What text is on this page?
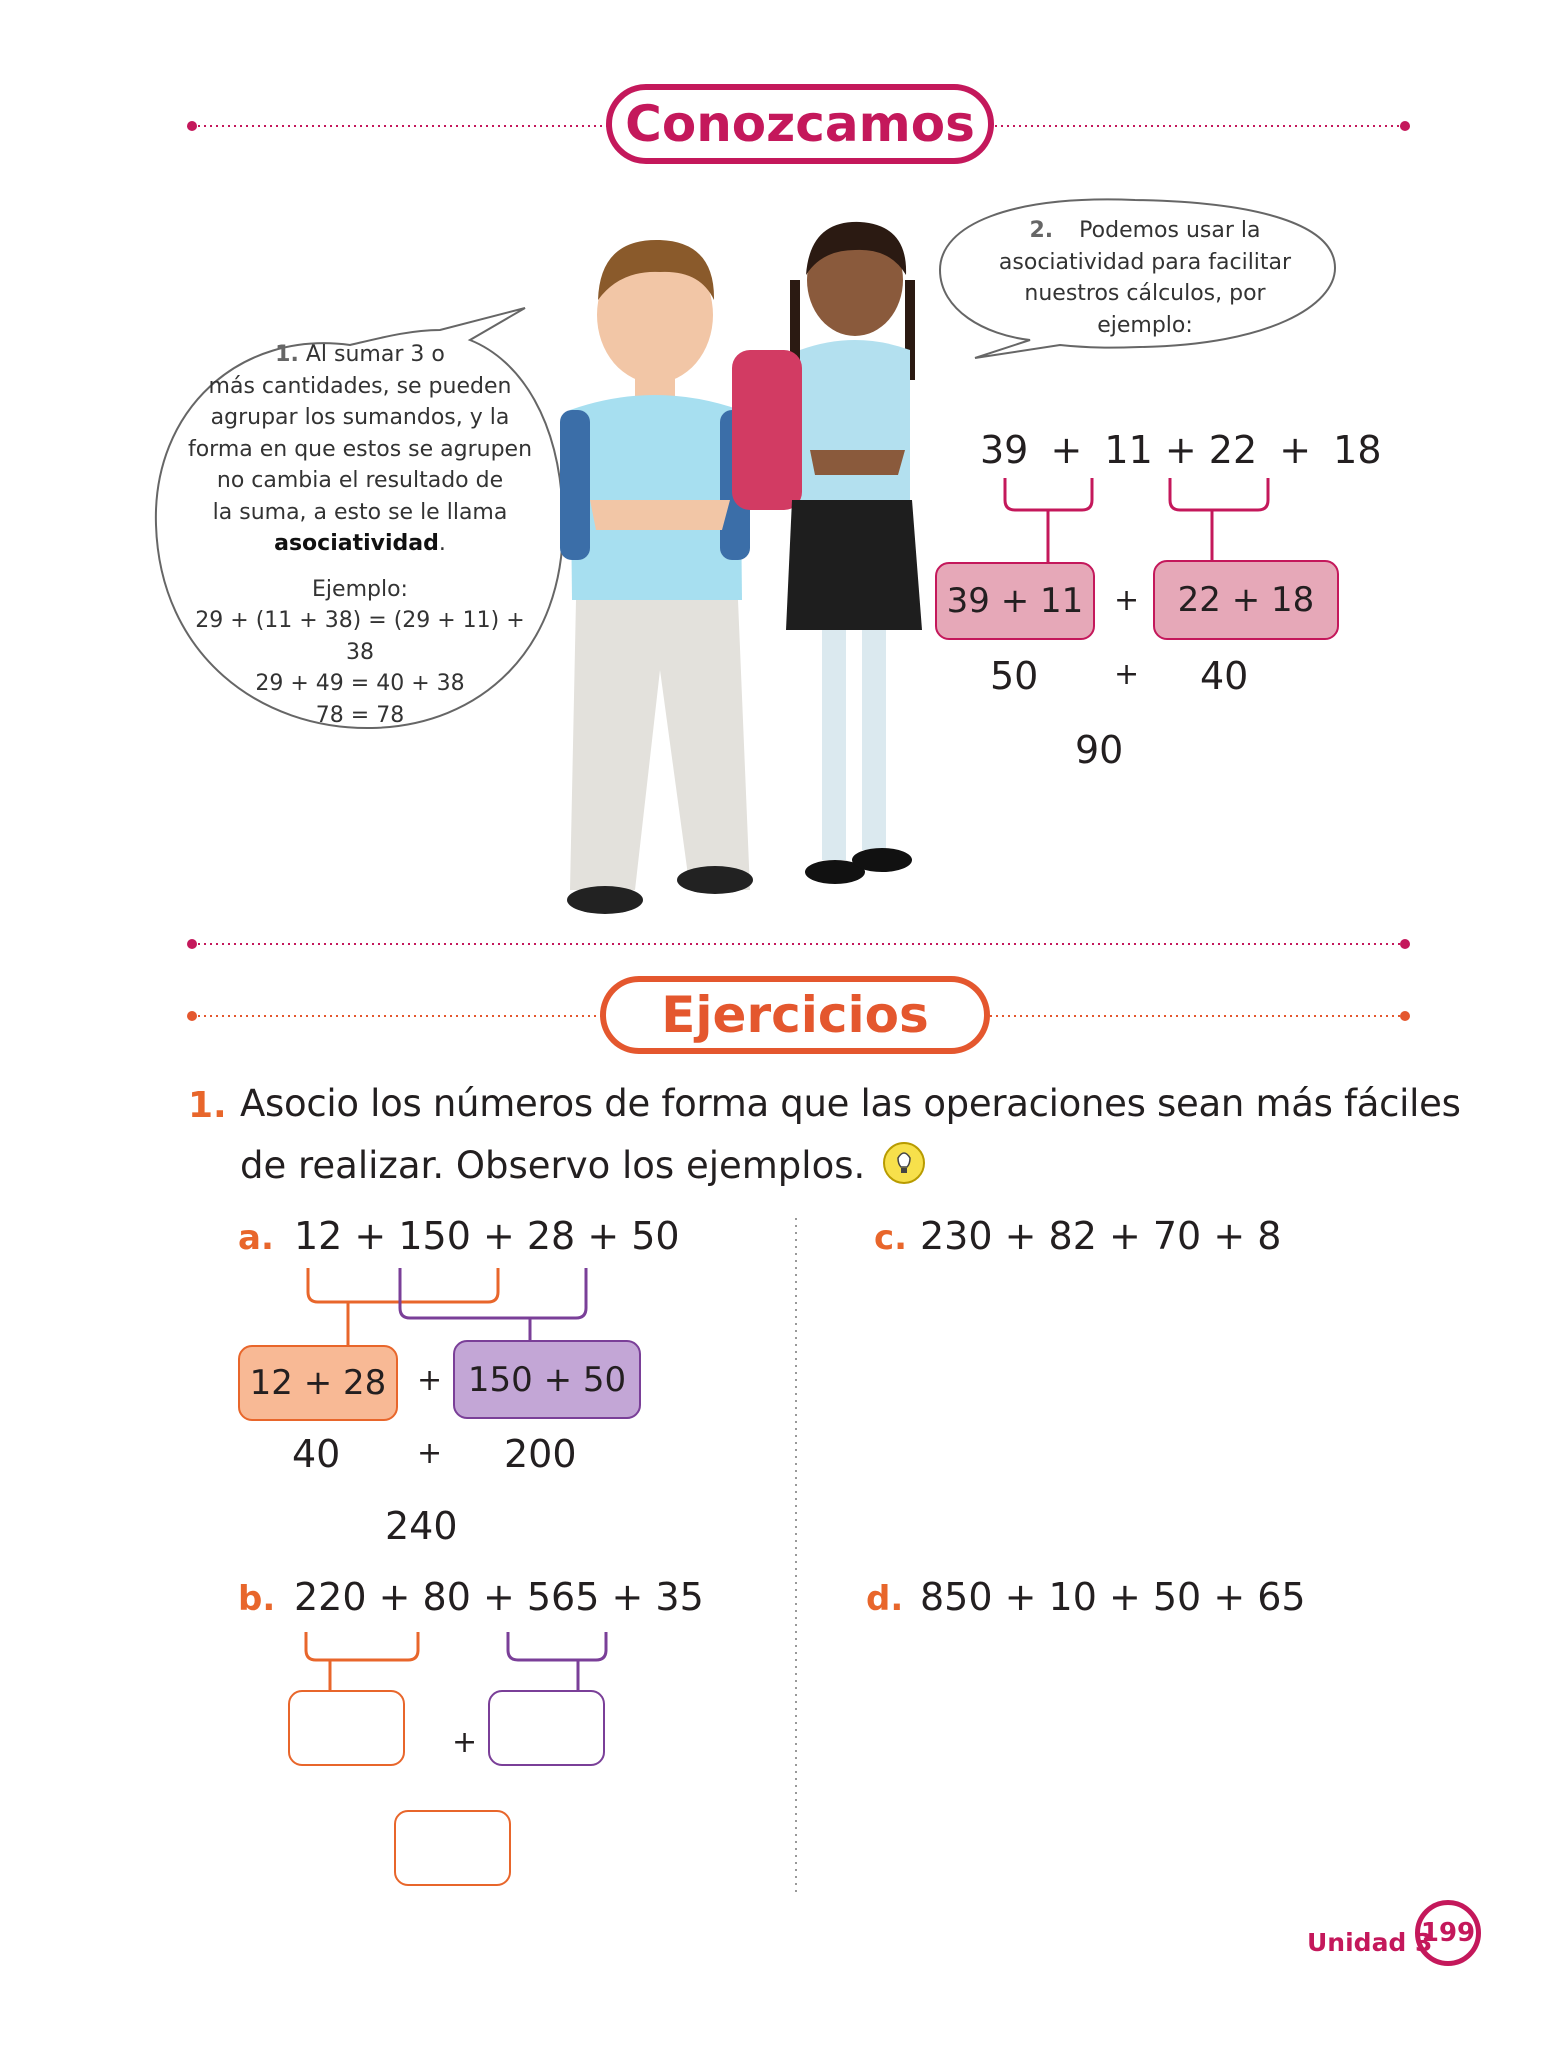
Conozcamos
Ejercicios
1. Al sumar 3 o
más cantidades, se pueden
agrupar los sumandos, y la
forma en que estos se agrupen
no cambia el resultado de
la suma, a esto se le llama
asociatividad.
Ejemplo:
29 + (11 + 38) = (29 + 11) + 38
29 + 49 = 40 + 38
78 = 78
2. Podemos usar la
asociatividad para facilitar
nuestros cálculos, por
ejemplo:
39 + 11 + 22 + 18
39 + 11	+	22 + 18
50	+ 40
90
1. Asocio los números de forma que las operaciones sean más fáciles
de realizar. Observo los ejemplos.
a. 12 + 150 + 28 + 50
12 + 28	+ 150 + 50
40	+ 200
240
b. 220 + 80 + 565 + 35
+
c. 230 + 82 + 70 + 8
d. 850 + 10 + 50 + 65
Unidad 3
199
